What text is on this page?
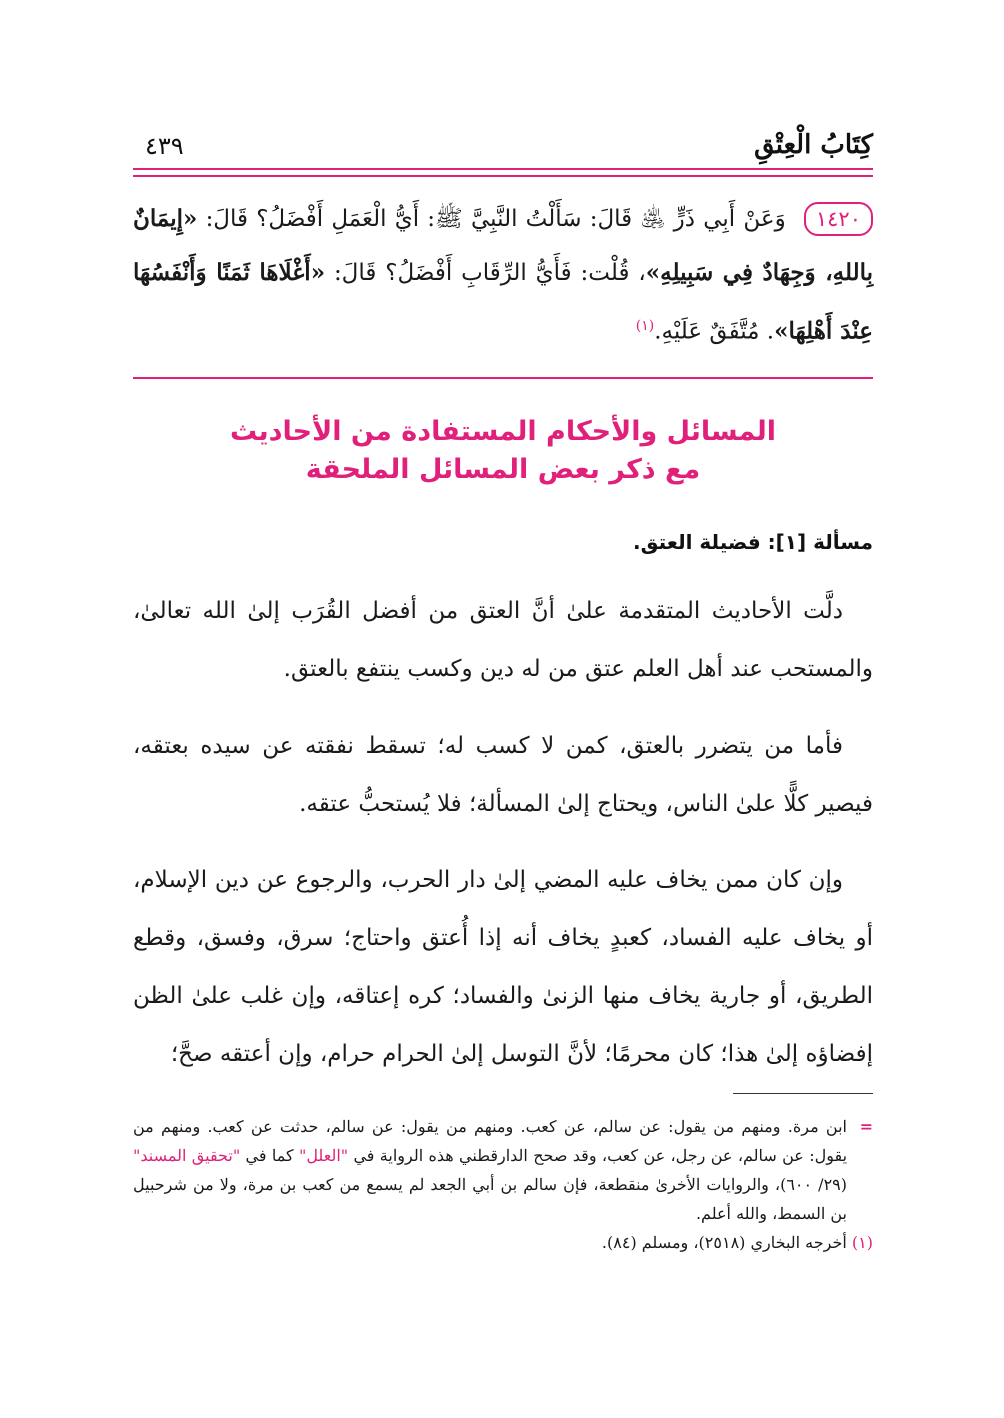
كِتَابُ الْعِتْقِ
٤٣٩
١٤٢٠ وَعَنْ أَبِي ذَرٍّ ﵁ قَالَ: سَأَلْتُ النَّبِيَّ ﷺ: أَيُّ الْعَمَلِ أَفْضَلُ؟ قَالَ: «إِيمَانٌ بِاللهِ، وَجِهَادٌ فِي سَبِيلِهِ»، قُلْت: فَأَيُّ الرِّقَابِ أَفْضَلُ؟ قَالَ: «أَغْلَاهَا ثَمَنًا وَأَنْفَسُهَا عِنْدَ أَهْلِهَا». مُتَّفَقٌ عَلَيْهِ.$^{(١)}$
المسائل والأحكام المستفادة من الأحاديث
مع ذكر بعض المسائل الملحقة
مسألة [١]: فضيلة العتق.
دلَّت الأحاديث المتقدمة علىٰ أنَّ العتق من أفضل القُرَب إلىٰ الله تعالىٰ، والمستحب عند أهل العلم عتق من له دين وكسب ينتفع بالعتق.
فأما من يتضرر بالعتق، كمن لا كسب له؛ تسقط نفقته عن سيده بعتقه، فيصير كلًّا علىٰ الناس، ويحتاج إلىٰ المسألة؛ فلا يُستحبُّ عتقه.
وإن كان ممن يخاف عليه المضي إلىٰ دار الحرب، والرجوع عن دين الإسلام، أو يخاف عليه الفساد، كعبدٍ يخاف أنه إذا أُعتق واحتاج؛ سرق، وفسق، وقطع الطريق، أو جارية يخاف منها الزنىٰ والفساد؛ كره إعتاقه، وإن غلب علىٰ الظن إفضاؤه إلىٰ هذا؛ كان محرمًا؛ لأنَّ التوسل إلىٰ الحرام حرام، وإن أعتقه صحَّ؛
=
ابن مرة. ومنهم من يقول: عن سالم، عن كعب. ومنهم من يقول: عن سالم، حدثت عن كعب. ومنهم من يقول: عن سالم، عن رجل، عن كعب، وقد صحح الدارقطني هذه الرواية في "العلل" كما في "تحقيق المسند" (٢٩/ ٦٠٠)، والروايات الأخرىٰ منقطعة، فإن سالم بن أبي الجعد لم يسمع من كعب بن مرة، ولا من شرحبيل بن السمط، والله أعلم.
(١) أخرجه البخاري (٢٥١٨)، ومسلم (٨٤).
